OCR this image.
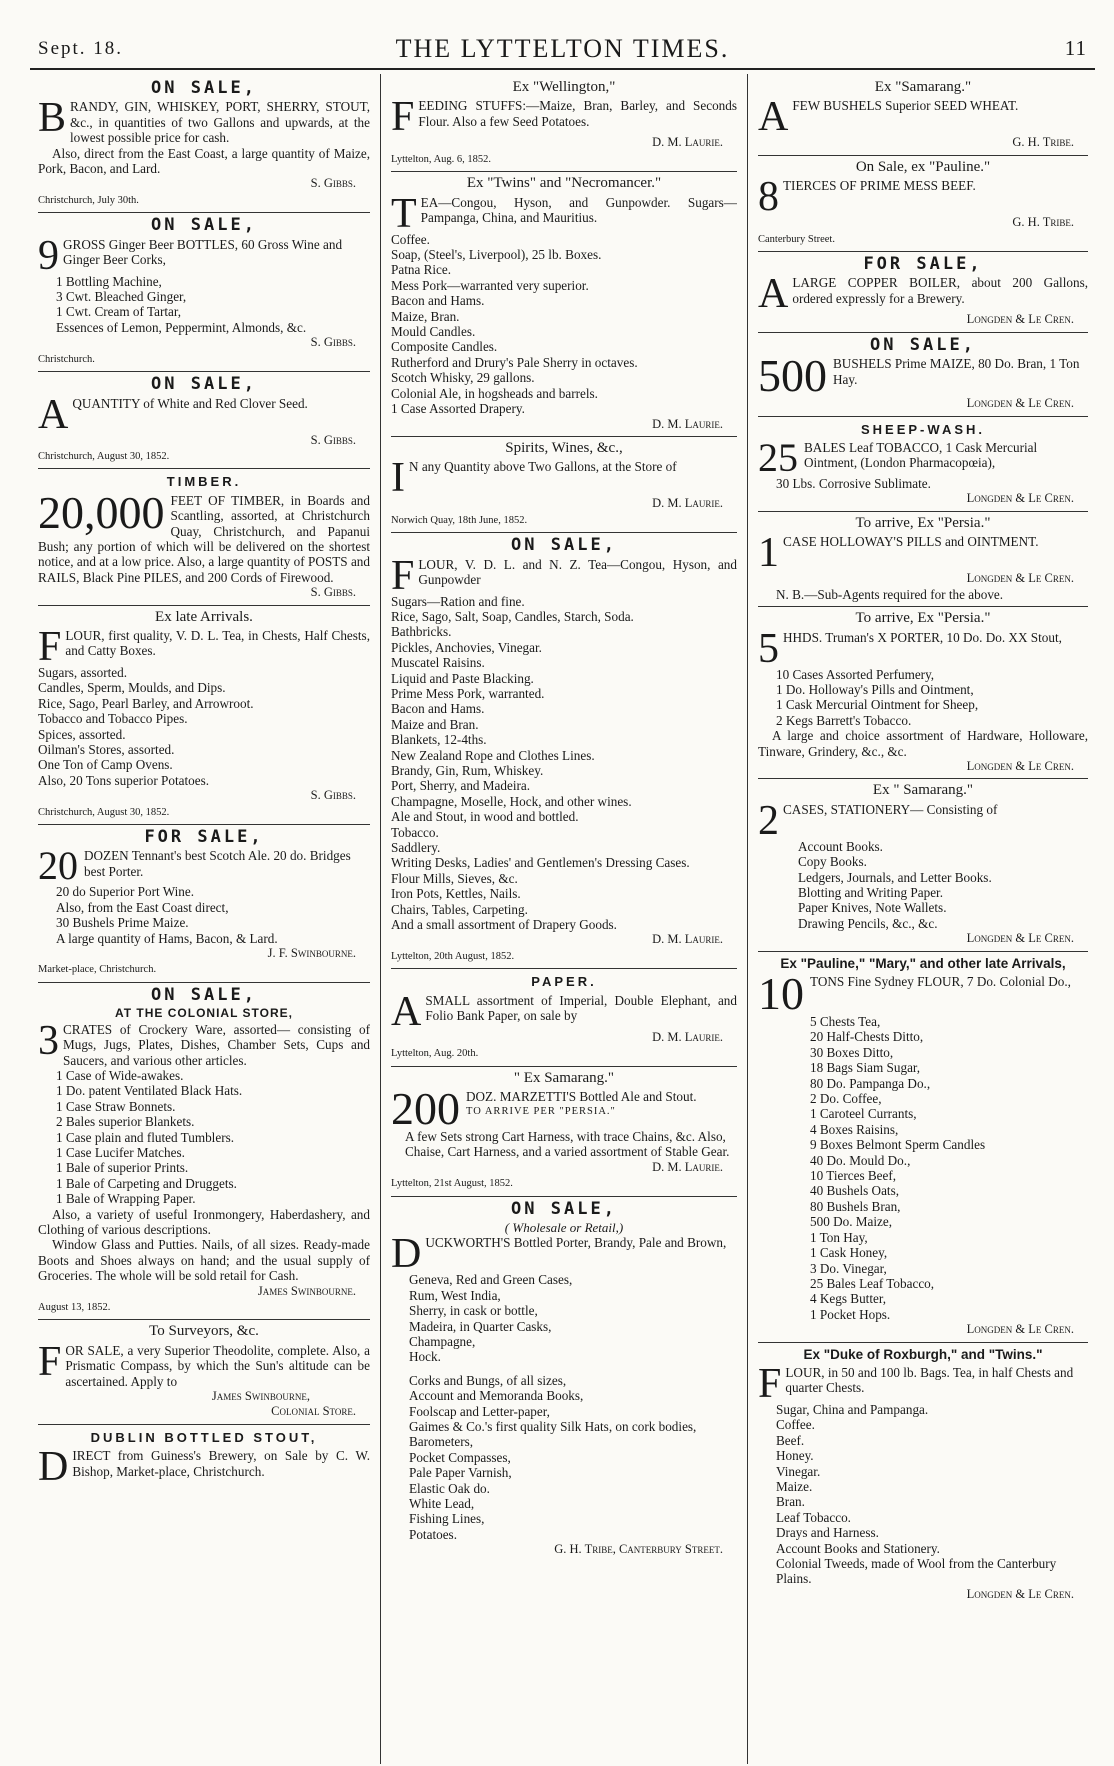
Sept. 18.	THE LYTTELTON TIMES.	11
ON SALE,
BRANDY, GIN, WHISKEY, PORT, SHERRY, STOUT, &c., in quantities of two Gallons and upwards, at the lowest possible price for cash.
Also, direct from the East Coast, a large quantity of Maize, Pork, Bacon, and Lard.
S. Gibbs.
Christchurch, July 30th.
ON SALE,
9 GROSS Ginger Beer BOTTLES, 60 Gross Wine and Ginger Beer Corks,
1 Bottling Machine,
3 Cwt. Bleached Ginger,
1 Cwt. Cream of Tartar,
Essences of Lemon, Peppermint, Almonds, &c.
S. Gibbs.
Christchurch.
ON SALE,
AQUANTITY of White and Red Clover Seed.
S. Gibbs.
Christchurch, August 30, 1852.
TIMBER.
20,000 FEET OF TIMBER, in Boards and Scantling, assorted, at Christchurch Quay, Christchurch, and Papanui Bush; any portion of which will be delivered on the shortest notice, and at a low price. Also, a large quantity of POSTS and RAILS, Black Pine PILES, and 200 Cords of Firewood.
S. Gibbs.
Ex late Arrivals.
FLOUR, first quality, V. D. L. Tea, in Chests, Half Chests, and Catty Boxes.
Sugars, assorted.
Candles, Sperm, Moulds, and Dips.
Rice, Sago, Pearl Barley, and Arrowroot.
Tobacco and Tobacco Pipes.
Spices, assorted.
Oilman's Stores, assorted.
One Ton of Camp Ovens.
Also, 20 Tons superior Potatoes.
S. Gibbs.
Christchurch, August 30, 1852.
FOR SALE,
20 DOZEN Tennant's best Scotch Ale. 20 do. Bridges best Porter.
20 do Superior Port Wine.
Also, from the East Coast direct,
30 Bushels Prime Maize.
A large quantity of Hams, Bacon, & Lard.
J. F. Swinbourne.
Market-place, Christchurch.
ON SALE,
AT THE COLONIAL STORE,
3 CRATES of Crockery Ware, assorted— consisting of Mugs, Jugs, Plates, Dishes, Chamber Sets, Cups and Saucers, and various other articles.
1 Case of Wide-awakes.
1 Do. patent Ventilated Black Hats.
1 Case Straw Bonnets.
2 Bales superior Blankets.
1 Case plain and fluted Tumblers.
1 Case Lucifer Matches.
1 Bale of superior Prints.
1 Bale of Carpeting and Druggets.
1 Bale of Wrapping Paper.
Also, a variety of useful Ironmongery, Haberdashery, and Clothing of various descriptions.
Window Glass and Putties. Nails, of all sizes. Ready-made Boots and Shoes always on hand; and the usual supply of Groceries. The whole will be sold retail for Cash.
James Swinbourne.
August 13, 1852.
To Surveyors, &c.
FOR SALE, a very Superior Theodolite, complete. Also, a Prismatic Compass, by which the Sun's altitude can be ascertained. Apply to
James Swinbourne,
Colonial Store.
DUBLIN BOTTLED STOUT,
DIRECT from Guiness's Brewery, on Sale by C. W. Bishop, Market-place, Christchurch.
Ex "Wellington,"
FEEDING STUFFS:—Maize, Bran, Barley, and Seconds Flour. Also a few Seed Potatoes.
D. M. Laurie.
Lyttelton, Aug. 6, 1852.
Ex "Twins" and "Necromancer."
TEA—Congou, Hyson, and Gunpowder. Sugars—Pampanga, China, and Mauritius.
Coffee.
Soap, (Steel's, Liverpool), 25 lb. Boxes.
Patna Rice.
Mess Pork—warranted very superior.
Bacon and Hams.
Maize, Bran.
Mould Candles.
Composite Candles.
Rutherford and Drury's Pale Sherry in octaves.
Scotch Whisky, 29 gallons.
Colonial Ale, in hogsheads and barrels.
1 Case Assorted Drapery.
D. M. Laurie.
Spirits, Wines, &c.,
I N any Quantity above Two Gallons, at the Store of
D. M. Laurie.
Norwich Quay, 18th June, 1852.
ON SALE,
FLOUR, V. D. L. and N. Z. Tea—Congou, Hyson, and Gunpowder
Sugars—Ration and fine.
Rice, Sago, Salt, Soap, Candles, Starch, Soda.
Bathbricks.
Pickles, Anchovies, Vinegar.
Muscatel Raisins.
Liquid and Paste Blacking.
Prime Mess Pork, warranted.
Bacon and Hams.
Maize and Bran.
Blankets, 12-4ths.
New Zealand Rope and Clothes Lines.
Brandy, Gin, Rum, Whiskey.
Port, Sherry, and Madeira.
Champagne, Moselle, Hock, and other wines.
Ale and Stout, in wood and bottled.
Tobacco.
Saddlery.
Writing Desks, Ladies' and Gentlemen's Dressing Cases.
Flour Mills, Sieves, &c.
Iron Pots, Kettles, Nails.
Chairs, Tables, Carpeting.
And a small assortment of Drapery Goods.
D. M. Laurie.
Lyttelton, 20th August, 1852.
PAPER.
ASMALL assortment of Imperial, Double Elephant, and Folio Bank Paper, on sale by
D. M. Laurie.
Lyttelton, Aug. 20th.
" Ex Samarang."
200 DOZ. MARZETTI'S Bottled Ale and Stout.
TO ARRIVE PER "PERSIA."
A few Sets strong Cart Harness, with trace Chains, &c. Also,
Chaise, Cart Harness, and a varied assortment of Stable Gear.
D. M. Laurie.
Lyttelton, 21st August, 1852.
ON SALE,
( Wholesale or Retail,)
DUCKWORTH'S Bottled Porter, Brandy, Pale and Brown,
Geneva, Red and Green Cases,
Rum, West India,
Sherry, in cask or bottle,
Madeira, in Quarter Casks,
Champagne,
Hock.
Corks and Bungs, of all sizes,
Account and Memoranda Books,
Foolscap and Letter-paper,
Gaimes & Co.'s first quality Silk Hats, on cork bodies,
Barometers,
Pocket Compasses,
Pale Paper Varnish,
Elastic Oak do.
White Lead,
Fishing Lines,
Potatoes.
G. H. Tribe, Canterbury Street.
Ex "Samarang."
AFEW BUSHELS Superior SEED WHEAT.
G. H. Tribe.
On Sale, ex "Pauline."
8 TIERCES OF PRIME MESS BEEF.
G. H. Tribe.
Canterbury Street.
FOR SALE,
ALARGE COPPER BOILER, about 200 Gallons, ordered expressly for a Brewery.
Longden & Le Cren.
ON SALE,
500 BUSHELS Prime MAIZE, 80 Do. Bran, 1 Ton Hay.
Longden & Le Cren.
SHEEP-WASH.
25 BALES Leaf TOBACCO, 1 Cask Mercurial Ointment, (London Pharmacopœia),
30 Lbs. Corrosive Sublimate.
Longden & Le Cren.
To arrive, Ex "Persia."
1 CASE HOLLOWAY'S PILLS and OINTMENT.
Longden & Le Cren.
N. B.—Sub-Agents required for the above.
To arrive, Ex "Persia."
5 HHDS. Truman's X PORTER, 10 Do. Do. XX Stout,
10 Cases Assorted Perfumery,
1 Do. Holloway's Pills and Ointment,
1 Cask Mercurial Ointment for Sheep,
2 Kegs Barrett's Tobacco.
A large and choice assortment of Hardware, Holloware, Tinware, Grindery, &c., &c.
Longden & Le Cren.
Ex " Samarang."
2 CASES, STATIONERY— Consisting of
Account Books.
Copy Books.
Ledgers, Journals, and Letter Books.
Blotting and Writing Paper.
Paper Knives, Note Wallets.
Drawing Pencils, &c., &c.
Longden & Le Cren.
Ex "Pauline," "Mary," and other late Arrivals,
10 TONS Fine Sydney FLOUR, 7 Do. Colonial Do.,
5 Chests Tea,
20 Half-Chests Ditto,
30 Boxes Ditto,
18 Bags Siam Sugar,
80 Do. Pampanga Do.,
2 Do. Coffee,
1 Caroteel Currants,
4 Boxes Raisins,
9 Boxes Belmont Sperm Candles
40 Do. Mould Do.,
10 Tierces Beef,
40 Bushels Oats,
80 Bushels Bran,
500 Do. Maize,
1 Ton Hay,
1 Cask Honey,
3 Do. Vinegar,
25 Bales Leaf Tobacco,
4 Kegs Butter,
1 Pocket Hops.
Longden & Le Cren.
Ex "Duke of Roxburgh," and "Twins."
FLOUR, in 50 and 100 lb. Bags. Tea, in half Chests and quarter Chests.
Sugar, China and Pampanga.
Coffee.
Beef.
Honey.
Vinegar.
Maize.
Bran.
Leaf Tobacco.
Drays and Harness.
Account Books and Stationery.
Colonial Tweeds, made of Wool from the Canterbury Plains.
Longden & Le Cren.
